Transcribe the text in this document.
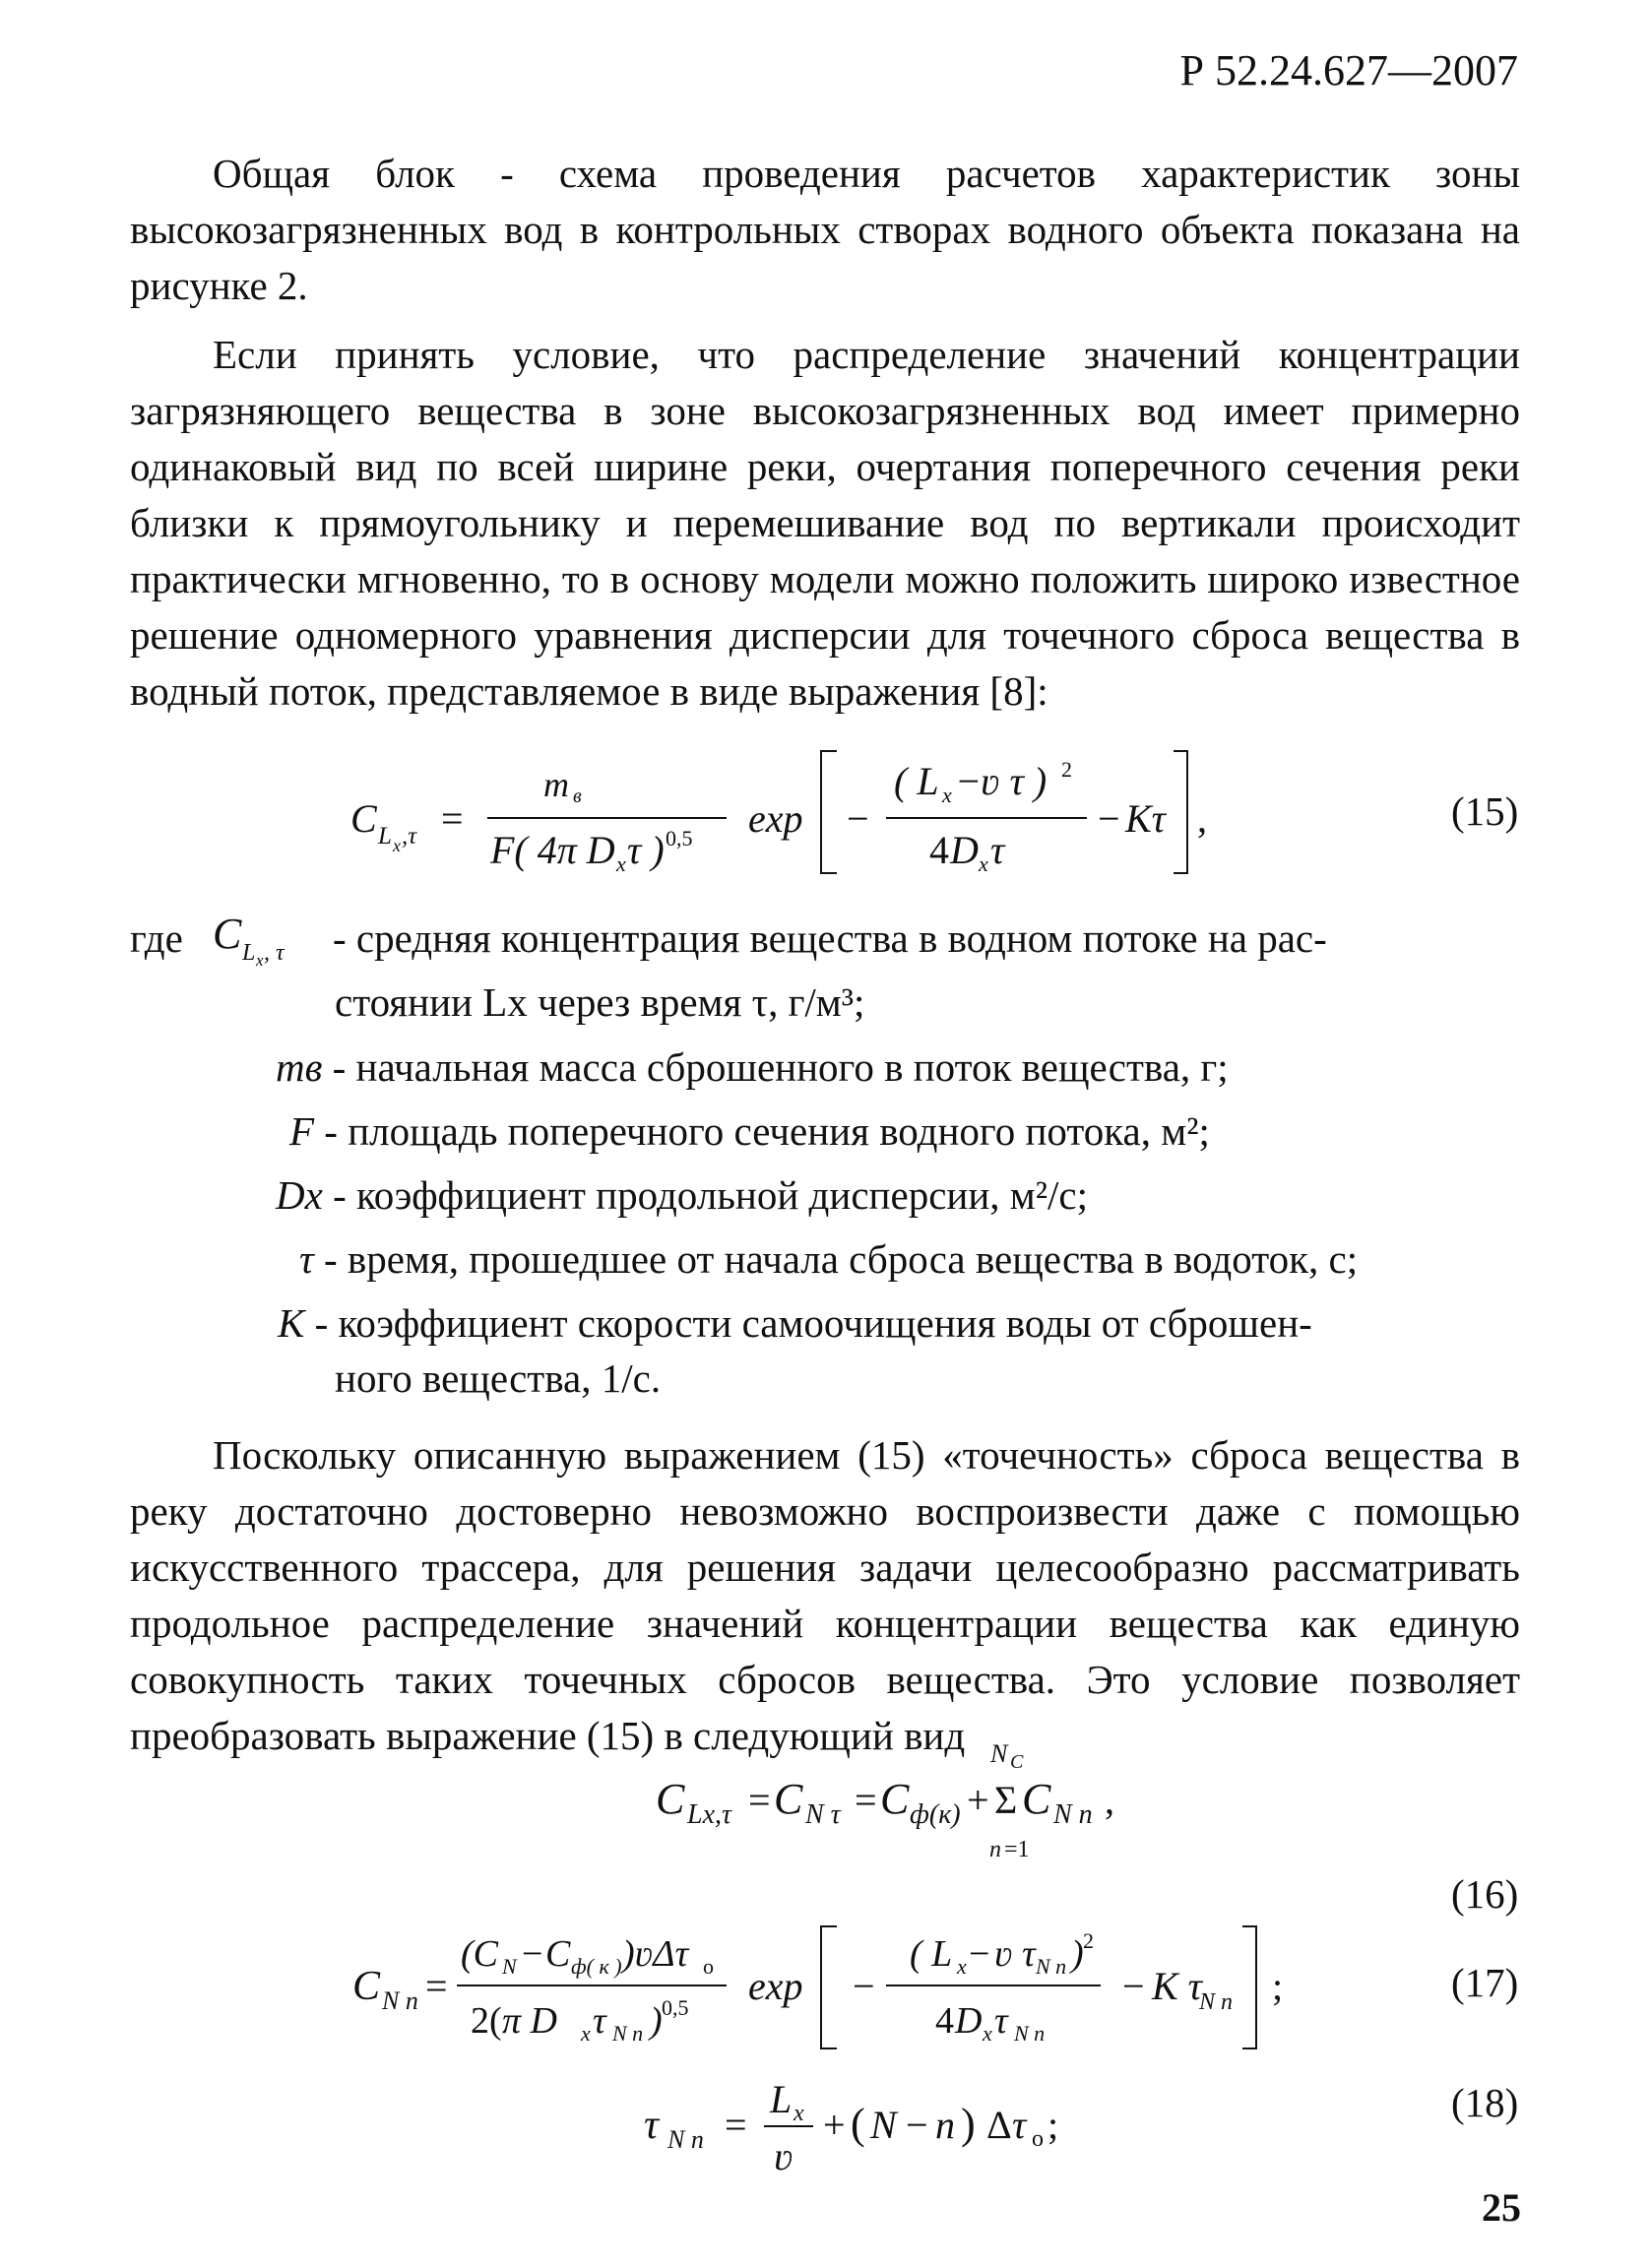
Р 52.24.627—2007

Общая блок - схема проведения расчетов характеристик зоны высокозагрязненных вод в контрольных створах водного объекта показана на рисунке 2.

Если принять условие, что распределение значений концентрации загрязняющего вещества в зоне высокозагрязненных вод имеет примерно одинаковый вид по всей ширине реки, очертания поперечного сечения реки близки к прямоугольнику и перемешивание вод по вертикали происходит практически мгновенно, то в основу модели можно положить широко известное решение одномерного уравнения дисперсии для точечного сброса вещества в водный поток, представляемое в виде выражения [8]:

C L x ,τ =
m в
F( 4π D x τ ) 0,5 exp −
( L x − ʋ τ ) 2
4 D x τ
− Kτ ,	(15)
где C L x , τ - средняя концентрация вещества в водном потоке на рас-
стоянии Lx через время τ, г/м³;
mв - начальная масса сброшенного в поток вещества, г;
F - площадь поперечного сечения водного потока, м²;
Dx - коэффициент продольной дисперсии, м²/с;
τ - время, прошедшее от начала сброса вещества в водоток, с;
K - коэффициент скорости самоочищения воды от сброшен-
ного вещества, 1/с.

Поскольку описанную выражением (15) «точечность» сброса вещества в реку достаточно достоверно невозможно воспроизвести даже с помощью искусственного трассера, для решения задачи целесообразно рассматривать продольное распределение значений концентрации вещества как единую совокупность таких точечных сбросов вещества. Это условие позволяет преобразовать выражение (15) в следующий вид

C Lx,τ = C N τ = C ф(к) + Σ
N C
n =1
C N n ,
(16)
C N n =
(C N − C ф( к ) )ʋΔτ o
2( π D x τ N n ) 0,5 exp −
( L x − ʋ τ N n ) 2
4 D x τ N n
− K τ
N n ;	(17)
τ N n =
L x
ʋ
+ ( N − n ) Δ τ o ;	(18)
25
